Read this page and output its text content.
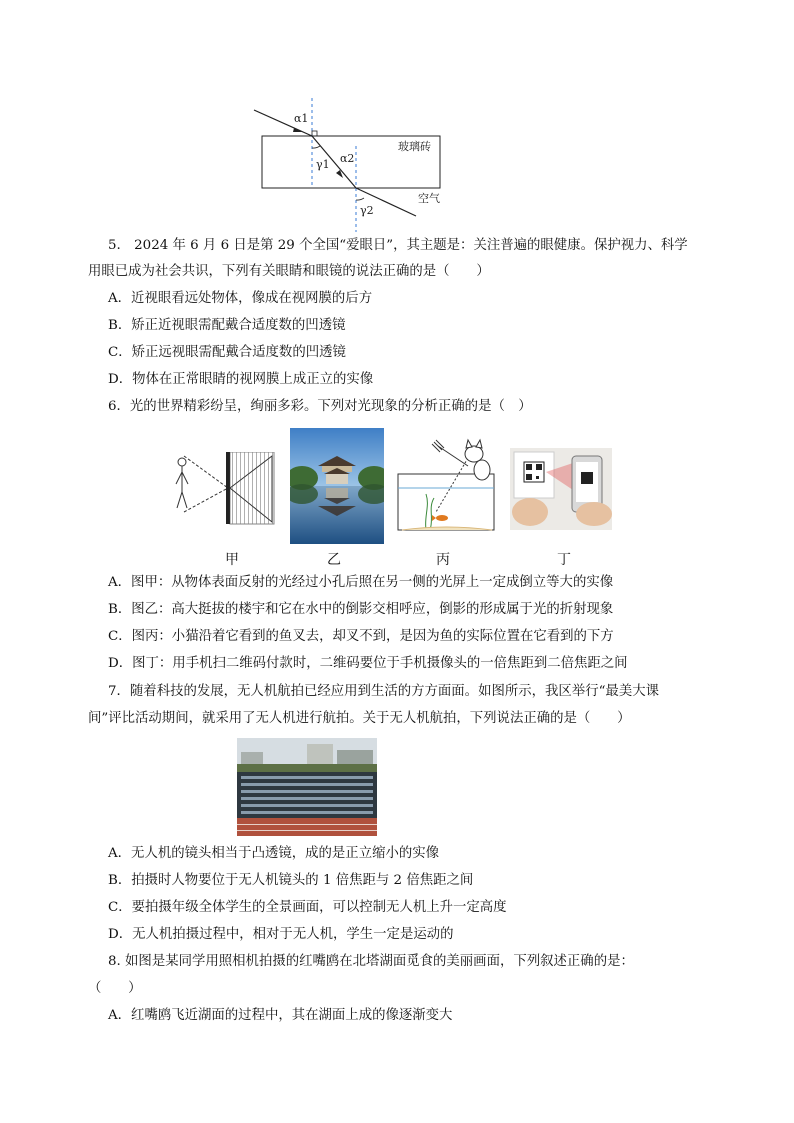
α1
γ1 α2
γ2
玻璃砖
空气

5.　2024 年 6 月 6 日是第 29 个全国“爱眼日”，其主题是：关注普遍的眼健康。保护视力、科学

用眼已成为社会共识，下列有关眼睛和眼镜的说法正确的是（　　）

A．近视眼看远处物体，像成在视网膜的后方
B．矫正近视眼需配戴合适度数的凹透镜
C．矫正远视眼需配戴合适度数的凹透镜
D．物体在正常眼睛的视网膜上成正立的实像
6．光的世界精彩纷呈，绚丽多彩。下列对光现象的分析正确的是（　）
甲	乙	丙	丁
A．图甲：从物体表面反射的光经过小孔后照在另一侧的光屏上一定成倒立等大的实像
B．图乙：高大挺拔的楼宇和它在水中的倒影交相呼应，倒影的形成属于光的折射现象
C．图丙：小猫沿着它看到的鱼叉去，却叉不到，是因为鱼的实际位置在它看到的下方
D．图丁：用手机扫二维码付款时，二维码要位于手机摄像头的一倍焦距到二倍焦距之间
7．随着科技的发展，无人机航拍已经应用到生活的方方面面。如图所示，我区举行“最美大课

间”评比活动期间，就采用了无人机进行航拍。关于无人机航拍，下列说法正确的是（　　）

A．无人机的镜头相当于凸透镜，成的是正立缩小的实像
B．拍摄时人物要位于无人机镜头的 1 倍焦距与 2 倍焦距之间
C．要拍摄年级全体学生的全景画面，可以控制无人机上升一定高度
D．无人机拍摄过程中，相对于无人机，学生一定是运动的
8. 如图是某同学用照相机拍摄的红嘴鸥在北塔湖面觅食的美丽画面，下列叙述正确的是：

（　　）

A．红嘴鸥飞近湖面的过程中，其在湖面上成的像逐渐变大
